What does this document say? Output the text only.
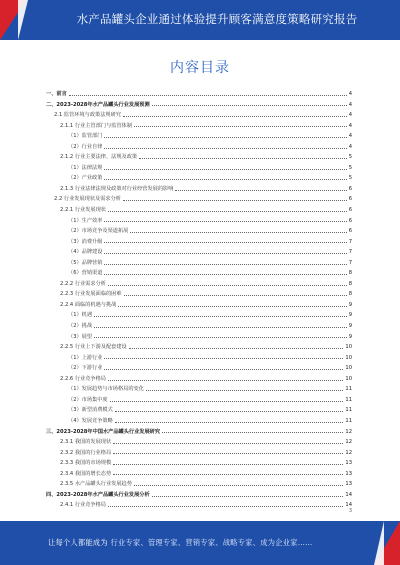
水产品罐头企业通过体验提升顾客满意度策略研究报告
内容目录
一、前言	4
二、2023-2028年水产品罐头行业发展预测	4
2.1 监管环境与政策法规研究	4
2.1.1 行业主管部门与监管体制	4
（1）监管部门	4
（2）行业自律	4
2.1.2 行业主要法律、法规及政策	5
（1）法律法规	5
（2）产业政策	5
2.1.3 行业法律法规及政策对行业经营发展的影响	6
2.2 行业发展现状及需求分析	6
2.2.1 行业发展现状	6
（1）生产效率	6
（2）市场竞争及渠道拓展	6
（3）消费升级	7
（4）品牌建设	7
（5）品牌营销	7
（6）营销渠道	8
2.2.2 行业需求分析	8
2.2.3 行业发展面临的困难	8
2.2.4 面临的机遇与挑战	9
（1）机遇	9
（2）挑战	9
（3）展望	9
2.2.5 行业上下游及配套建设	10
（1）上游行业	10
（2）下游行业	10
2.2.6 行业竞争格局	10
（1）发展趋势与市场格局的变化	11
（2）市场集中度	11
（3）新型消费模式	11
（4）发展竞争策略	11
三、2023-2028年中国水产品罐头行业发展研究	12
2.3.1 我国的发展现状	12
2.3.2 我国的行业格局	12
2.3.3 我国的市场规模	13
2.3.4 我国的增长态势	13
2.3.5 水产品罐头行业发展趋势	13
四、2023-2028年水产品罐头行业发展分析	14
2.4.1 行业竞争格局	14
3
让每个人都能成为 行业专家、管理专家、营销专家、战略专家、成为企业家……
